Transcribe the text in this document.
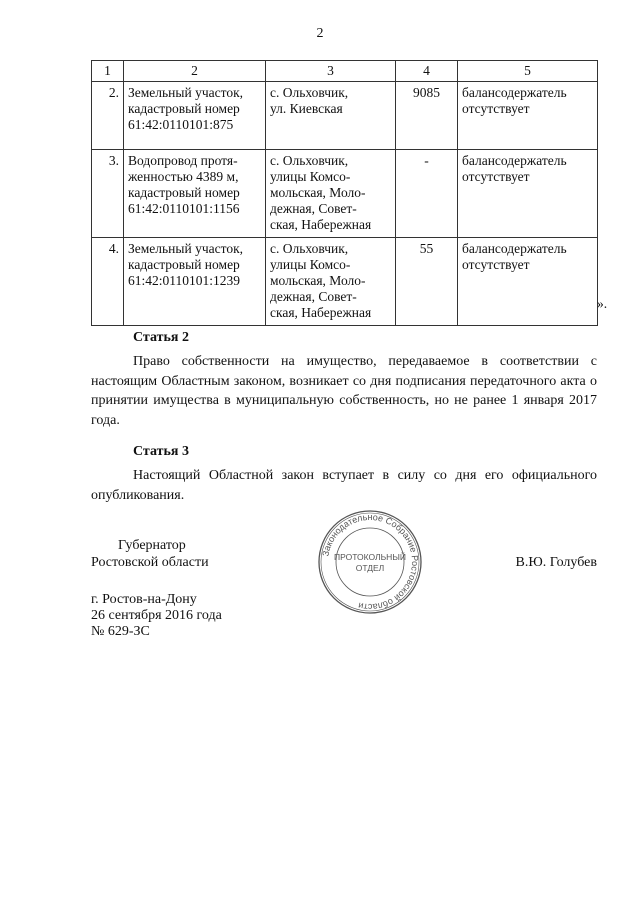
2
1	2	3	4	5
2.	Земельный участок,
кадастровый номер
61:42:0110101:875	с. Ольховчик,
ул. Киевская	9085	балансодержатель
отсутствует

3.	Водопровод протя-
женностью 4389 м,
кадастровый номер
61:42:0110101:1156	с. Ольховчик,
улицы Комсо-
мольская, Моло-
дежная, Совет-
ская, Набережная	-	балансодержатель
отсутствует

4.	Земельный участок,
кадастровый номер
61:42:0110101:1239	с. Ольховчик,
улицы Комсо-
мольская, Моло-
дежная, Совет-
ская, Набережная	55	балансодержатель
отсутствует
».
Статья 2
Право собственности на имущество, передаваемое в соответствии с настоящим Областным законом, возникает со дня подписания передаточного акта о принятии имущества в муниципальную собственность, но не ранее 1 января 2017 года.
Статья 3
Настоящий Областной закон вступает в силу со дня его официального опубликования.
Губернатор
Ростовской области	В.Ю. Голубев
Законодательное Собрание Ростовской области
ПРОТОКОЛЬНЫЙ
ОТДЕЛ
г. Ростов-на-Дону
26 сентября 2016 года
№ 629-ЗС
